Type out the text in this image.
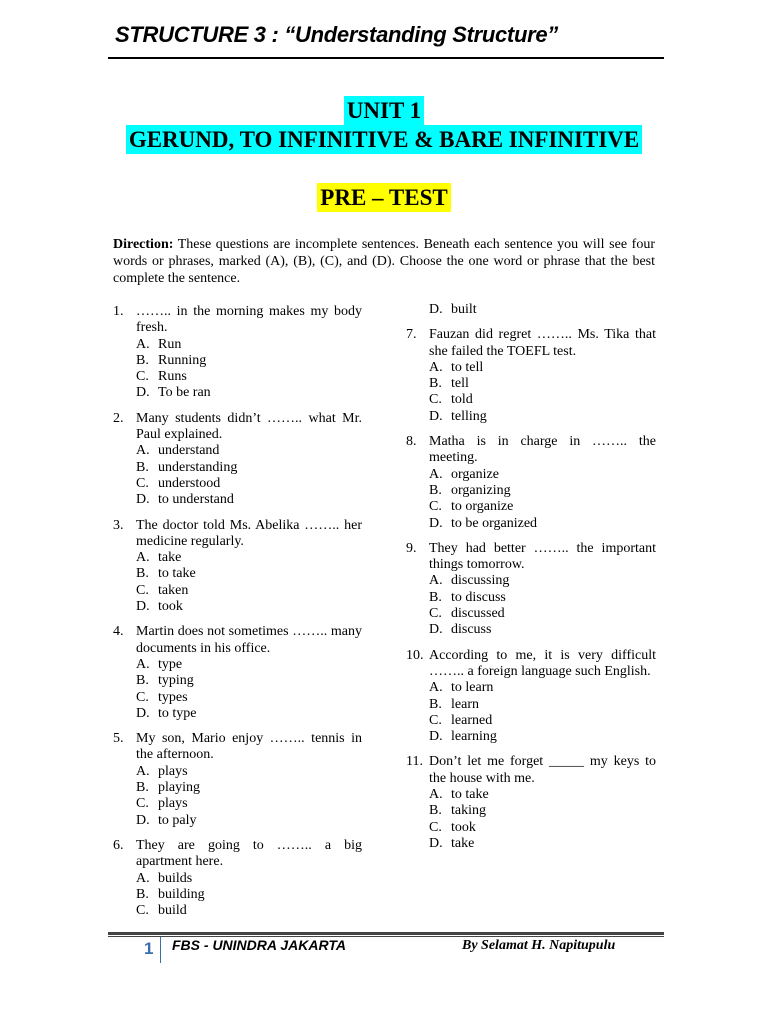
STRUCTURE 3 : “Understanding Structure”
UNIT 1
GERUND, TO INFINITIVE & BARE INFINITIVE
PRE – TEST
Direction: These questions are incomplete sentences. Beneath each sentence you will see four words or phrases, marked (A), (B), (C), and (D). Choose the one word or phrase that the best complete the sentence.
1. …….. in the morning makes my body fresh.
A. Run
B. Running
C. Runs
D. To be ran
2. Many students didn’t …….. what Mr. Paul explained.
A. understand
B. understanding
C. understood
D. to understand
3. The doctor told Ms. Abelika …….. her medicine regularly.
A. take
B. to take
C. taken
D. took
4. Martin does not sometimes …….. many documents in his office.
A. type
B. typing
C. types
D. to type
5. My son, Mario enjoy …….. tennis in the afternoon.
A. plays
B. playing
C. plays
D. to paly
6. They are going to …….. a big apartment here.
A. builds
B. building
C. build
D. built
7. Fauzan did regret …….. Ms. Tika that she failed the TOEFL test.
A. to tell
B. tell
C. told
D. telling
8. Matha is in charge in …….. the meeting.
A. organize
B. organizing
C. to organize
D. to be organized
9. They had better …….. the important things tomorrow.
A. discussing
B. to discuss
C. discussed
D. discuss
10. According to me, it is very difficult …….. a foreign language such English.
A. to learn
B. learn
C. learned
D. learning
11. Don’t let me forget _____ my keys to the house with me.
A. to take
B. taking
C. took
D. take
1 FBS - UNINDRA JAKARTA	By Selamat H. Napitupulu
